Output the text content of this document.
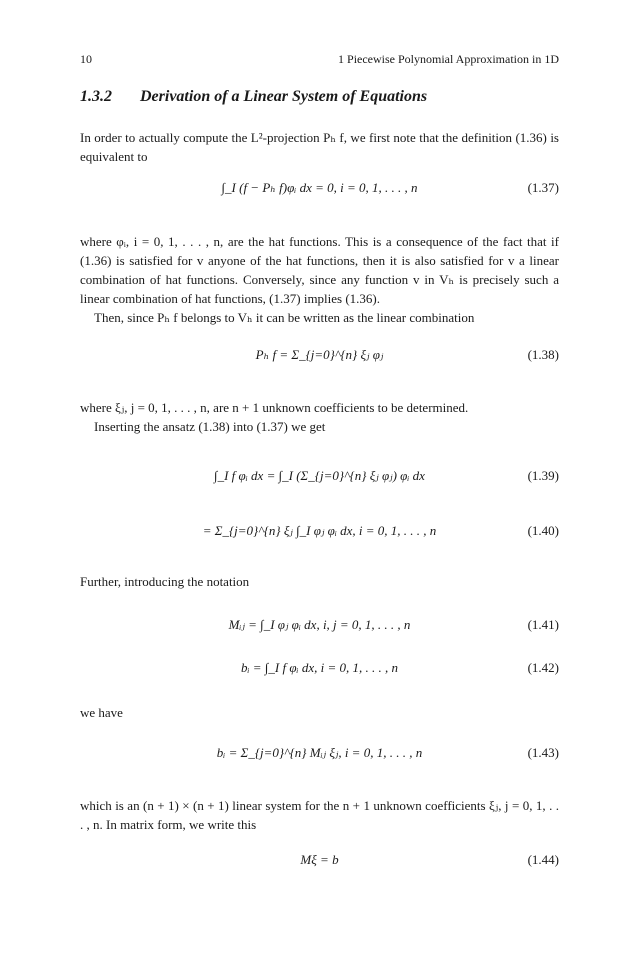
10	1 Piecewise Polynomial Approximation in 1D
1.3.2 Derivation of a Linear System of Equations
In order to actually compute the L²-projection Pₕ f, we first note that the definition (1.36) is equivalent to
∫_I (f − Pₕ f)φᵢ dx = 0, i = 0, 1, . . . , n	(1.37)
where φᵢ, i = 0, 1, . . . , n, are the hat functions. This is a consequence of the fact that if (1.36) is satisfied for v anyone of the hat functions, then it is also satisfied for v a linear combination of hat functions. Conversely, since any function v in Vₕ is precisely such a linear combination of hat functions, (1.37) implies (1.36).
Then, since Pₕ f belongs to Vₕ it can be written as the linear combination
Pₕ f = Σ_{j=0}^{n} ξⱼ φⱼ	(1.38)
where ξⱼ, j = 0, 1, . . . , n, are n + 1 unknown coefficients to be determined.
Inserting the ansatz (1.38) into (1.37) we get
∫_I f φᵢ dx = ∫_I (Σ_{j=0}^{n} ξⱼ φⱼ) φᵢ dx	(1.39)
= Σ_{j=0}^{n} ξⱼ ∫_I φⱼ φᵢ dx, i = 0, 1, . . . , n	(1.40)
Further, introducing the notation
Mᵢⱼ = ∫_I φⱼ φᵢ dx, i, j = 0, 1, . . . , n	(1.41)
bᵢ = ∫_I f φᵢ dx, i = 0, 1, . . . , n	(1.42)
we have
bᵢ = Σ_{j=0}^{n} Mᵢⱼ ξⱼ, i = 0, 1, . . . , n	(1.43)
which is an (n + 1) × (n + 1) linear system for the n + 1 unknown coefficients ξⱼ, j = 0, 1, . . . , n. In matrix form, we write this
Mξ = b	(1.44)
